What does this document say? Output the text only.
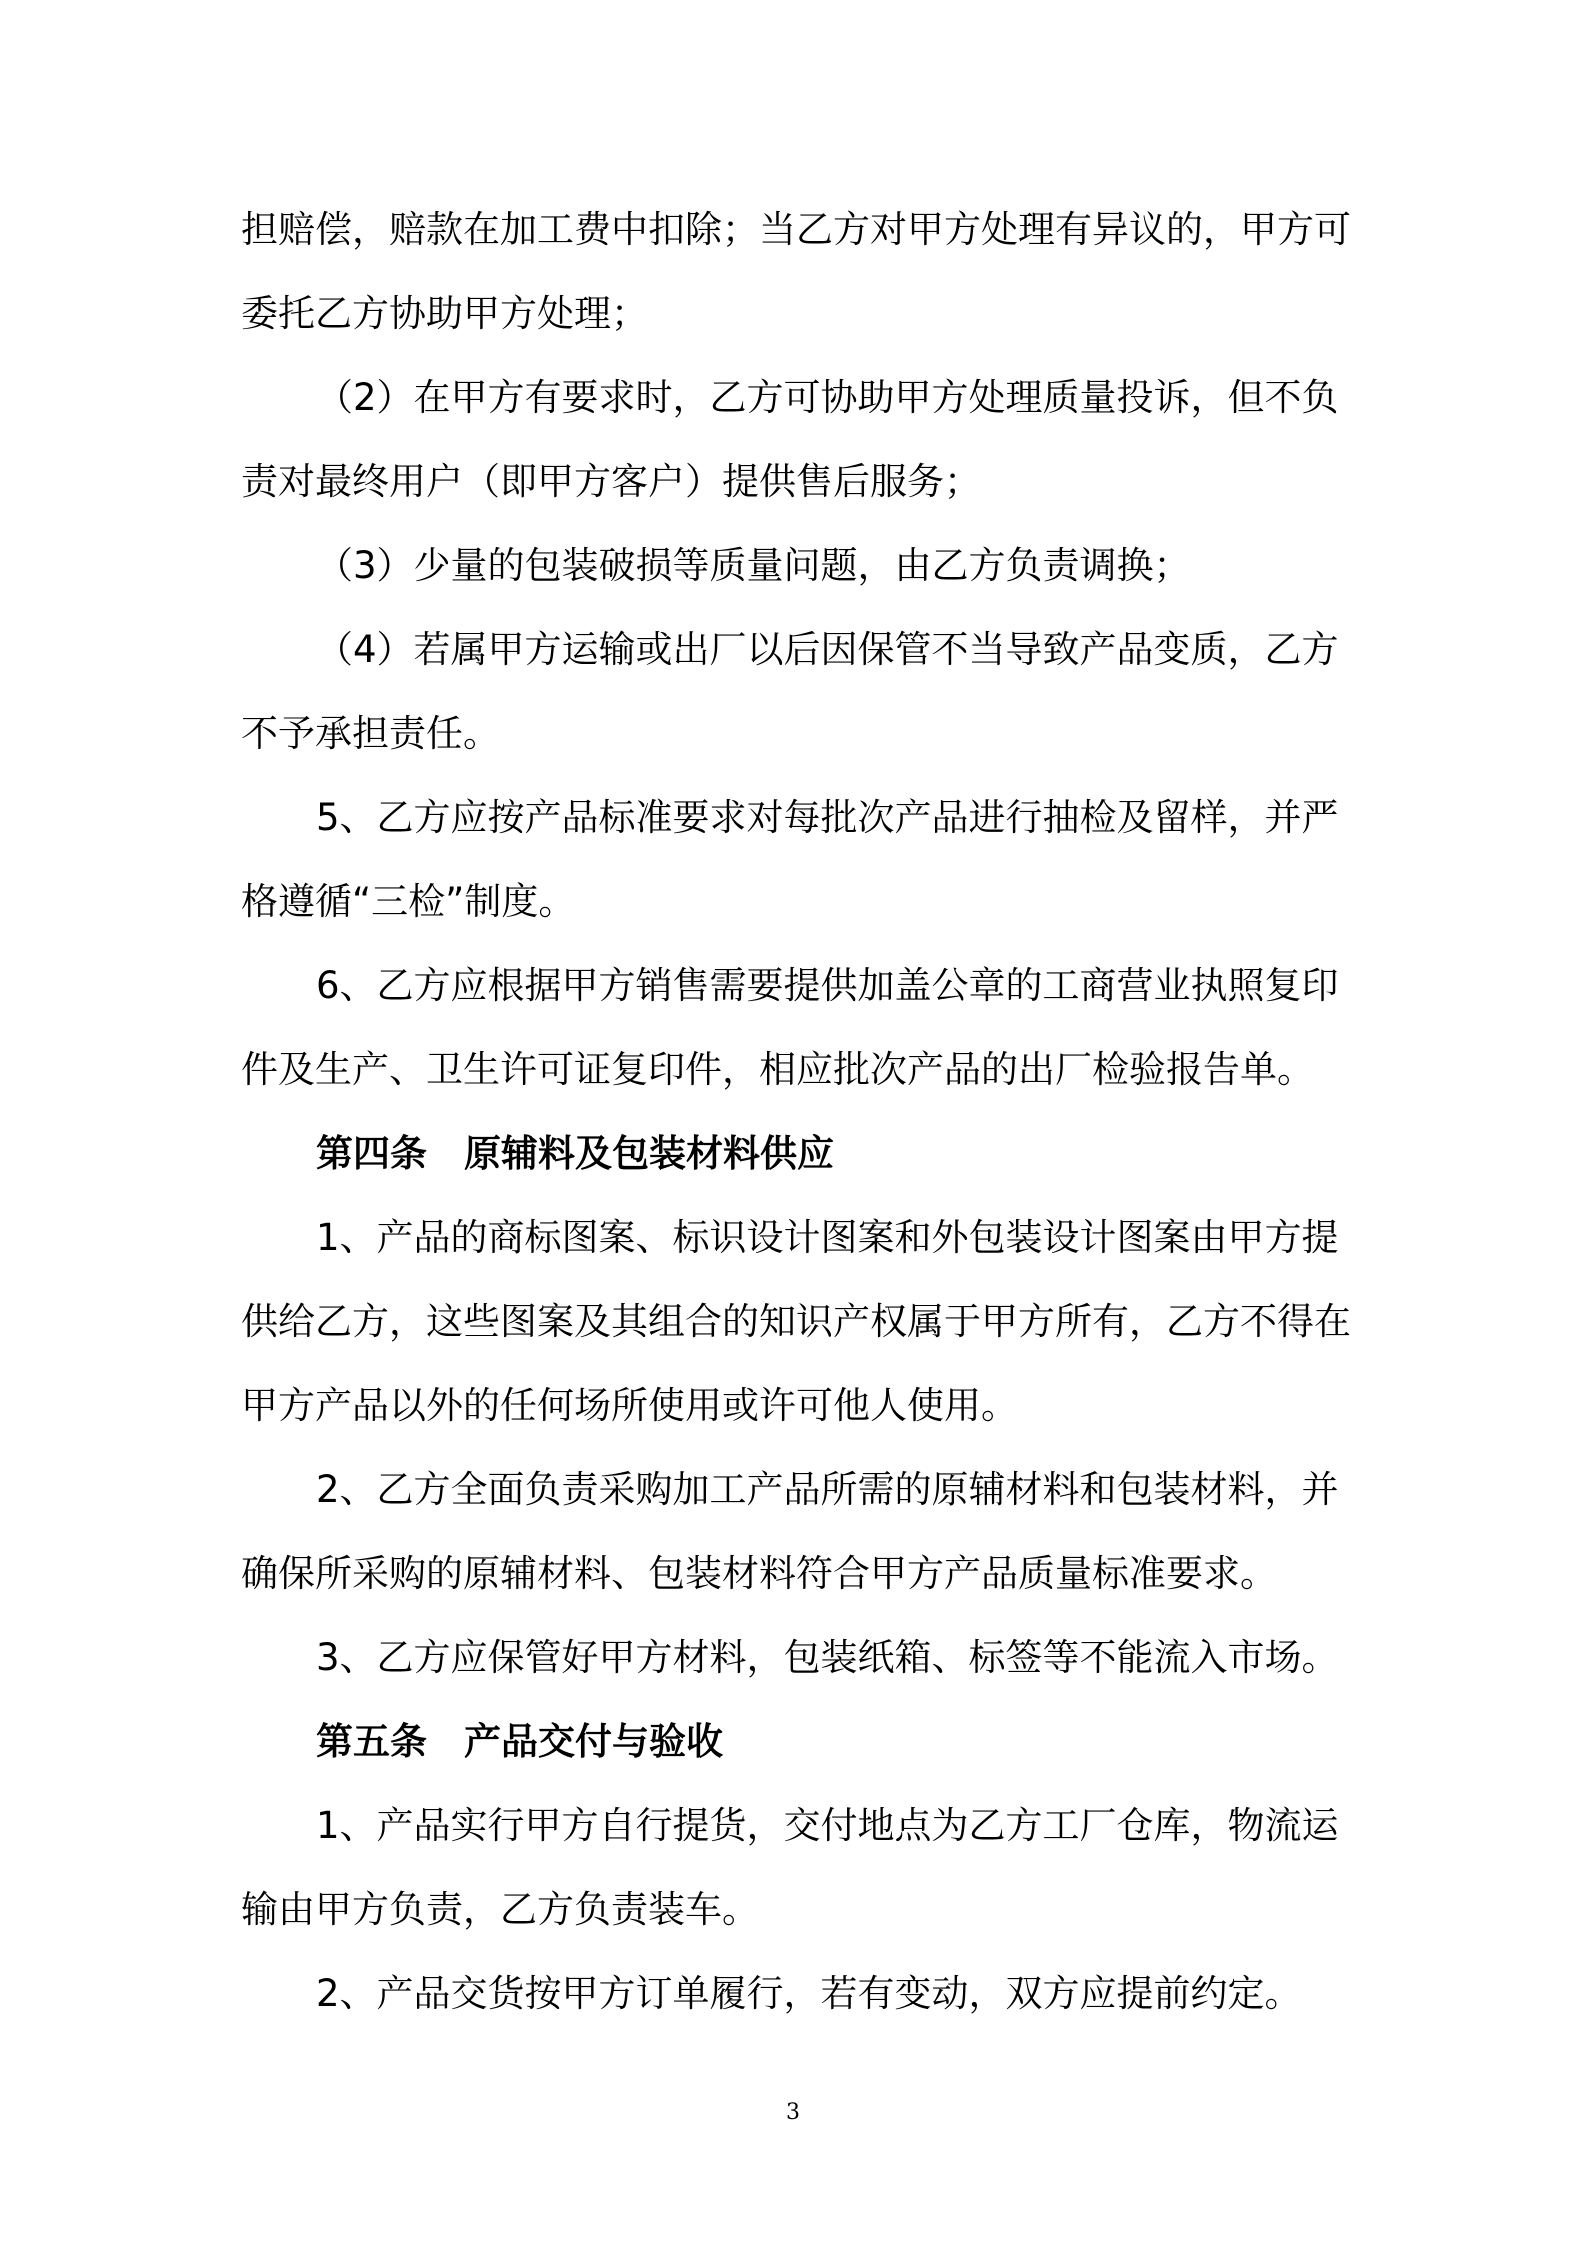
担赔偿，赔款在加工费中扣除；当乙方对甲方处理有异议的，甲方可
委托乙方协助甲方处理；
（2）在甲方有要求时，乙方可协助甲方处理质量投诉，但不负
责对最终用户（即甲方客户）提供售后服务；
（3）少量的包装破损等质量问题，由乙方负责调换；
（4）若属甲方运输或出厂以后因保管不当导致产品变质，乙方
不予承担责任。
5、乙方应按产品标准要求对每批次产品进行抽检及留样，并严
格遵循“三检”制度。
6、乙方应根据甲方销售需要提供加盖公章的工商营业执照复印
件及生产、卫生许可证复印件，相应批次产品的出厂检验报告单。
第四条　原辅料及包装材料供应
1、产品的商标图案、标识设计图案和外包装设计图案由甲方提
供给乙方，这些图案及其组合的知识产权属于甲方所有，乙方不得在
甲方产品以外的任何场所使用或许可他人使用。
2、乙方全面负责采购加工产品所需的原辅材料和包装材料，并
确保所采购的原辅材料、包装材料符合甲方产品质量标准要求。
3、乙方应保管好甲方材料，包装纸箱、标签等不能流入市场。
第五条　产品交付与验收
1、产品实行甲方自行提货，交付地点为乙方工厂仓库，物流运
输由甲方负责，乙方负责装车。
2、产品交货按甲方订单履行，若有变动，双方应提前约定。
3
